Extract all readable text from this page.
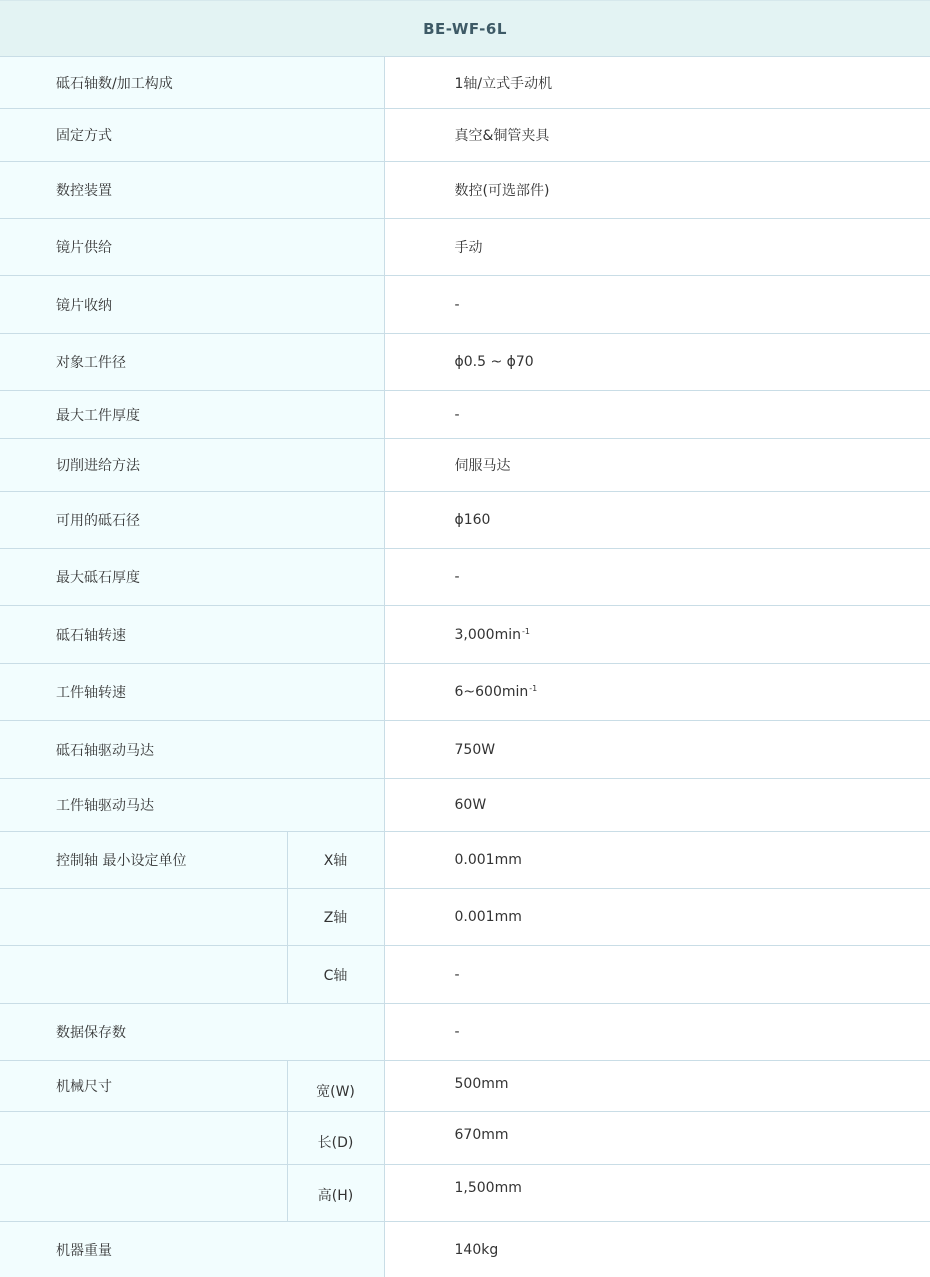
BE-WF-6L		
砥石轴数/加工构成		1轴/立式手动机
固定方式		真空&铜管夹具
数控装置		数控(可选部件)
镜片供给		手动
镜片收纳		-
对象工件径		ϕ0.5 ~ ϕ70
最大工件厚度		-
切削进给方法		伺服马达
可用的砥石径		ϕ160
最大砥石厚度		-
砥石轴转速		$3,000\min^{-1}$
工件轴转速		$6\sim 600\min^{-1}$
砥石轴驱动马达		750W
工件轴驱动马达		60W
控制轴 最小设定单位	X轴	0.001mm
	Z轴	0.001mm
	C轴	-
数据保存数		-
机械尺寸	宽(W)	500mm
	长(D)	670mm
	高(H)	1,500mm
机器重量		140kg
